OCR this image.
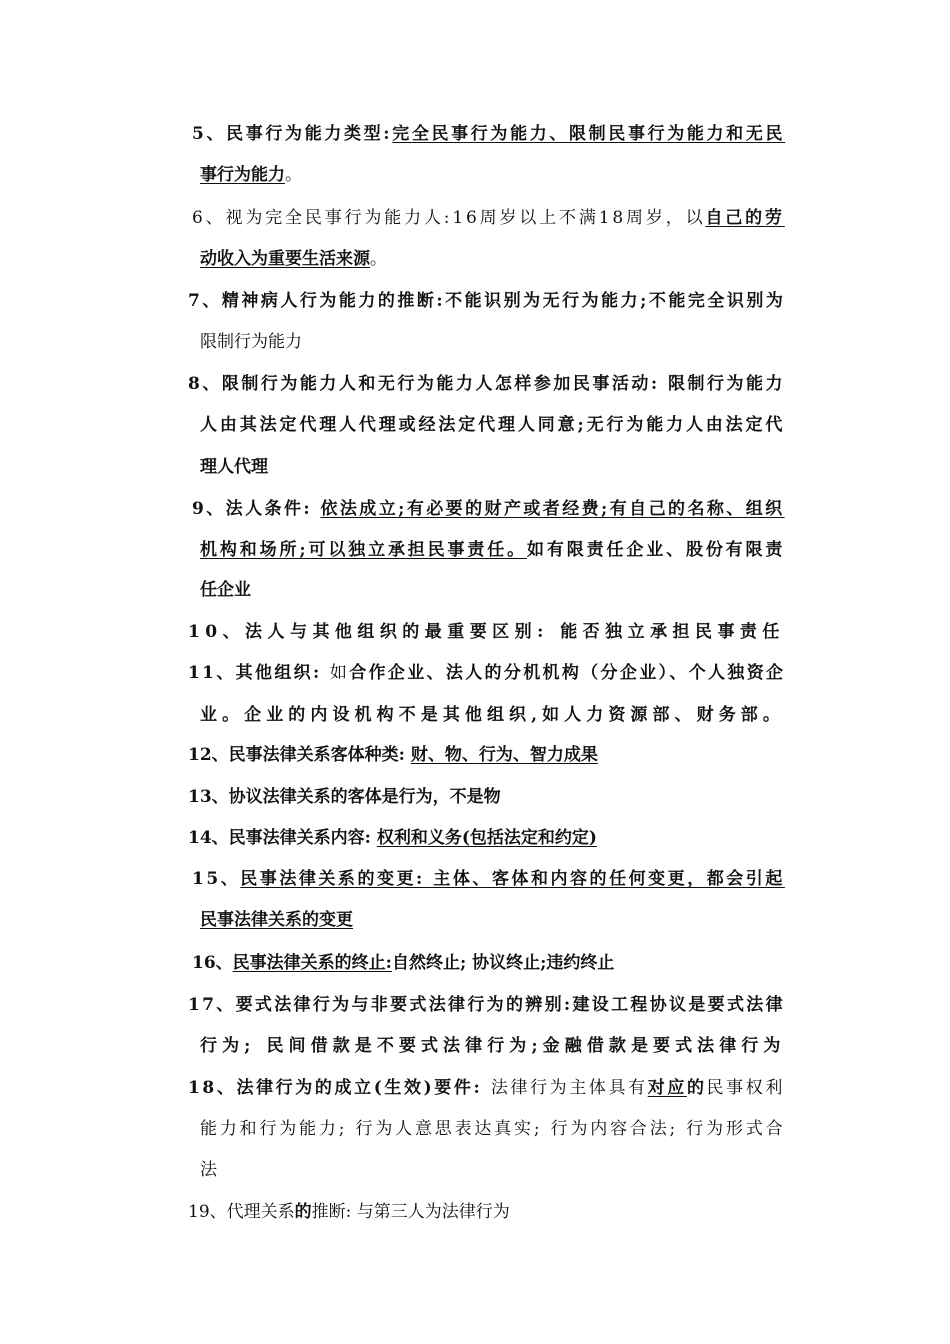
5、民事行为能力类型:完全民事行为能力、限制民事行为能力和无民
事行为能力。
6、视为完全民事行为能力人:16周岁以上不满18周岁，以自己的劳
动收入为重要生活来源。
7、精神病人行为能力的推断:不能识别为无行为能力;不能完全识别为
限制行为能力
8、限制行为能力人和无行为能力人怎样参加民事活动: 限制行为能力
人由其法定代理人代理或经法定代理人同意;无行为能力人由法定代
理人代理
9、法人条件: 依法成立;有必要的财产或者经费;有自己的名称、组织
机构和场所;可以独立承担民事责任。如有限责任企业、股份有限责
任企业
10、法人与其他组织的最重要区别: 能否独立承担民事责任
11、其他组织: 如合作企业、法人的分机机构（分企业）、个人独资企
业。企业的内设机构不是其他组织,如人力资源部、财务部。
12、民事法律关系客体种类: 财、物、行为、智力成果
13、协议法律关系的客体是行为，不是物
14、民事法律关系内容: 权利和义务(包括法定和约定)
15、民事法律关系的变更: 主体、客体和内容的任何变更，都会引起
民事法律关系的变更
16、民事法律关系的终止:自然终止; 协议终止;违约终止
17、要式法律行为与非要式法律行为的辨别:建设工程协议是要式法律
行为; 民间借款是不要式法律行为;金融借款是要式法律行为
18、法律行为的成立(生效)要件: 法律行为主体具有对应的民事权利
能力和行为能力; 行为人意思表达真实; 行为内容合法; 行为形式合
法
19、代理关系的推断: 与第三人为法律行为
